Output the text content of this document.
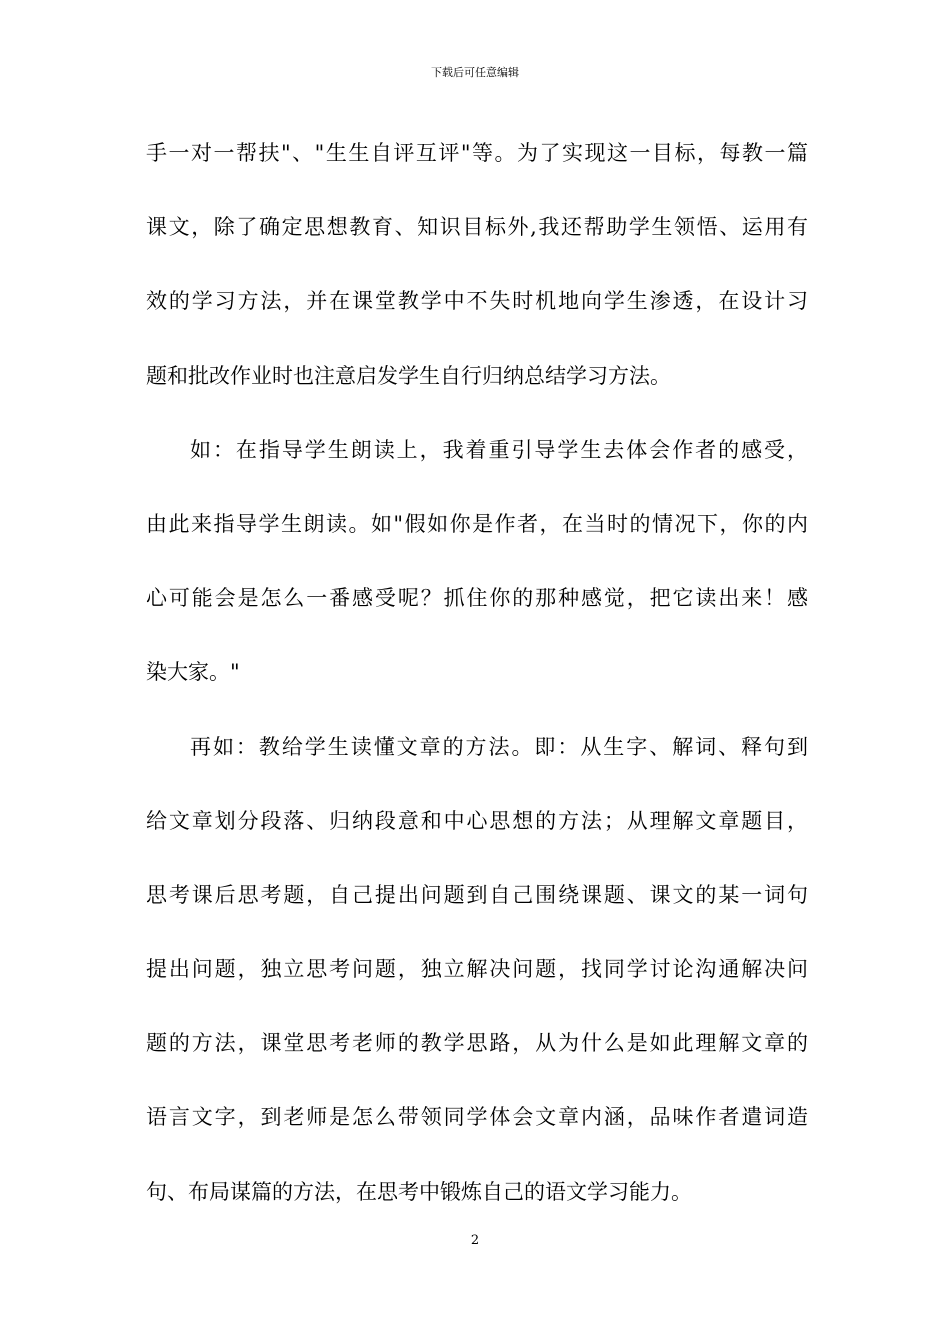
下载后可任意编辑
手一对一帮扶"、"生生自评互评"等。为了实现这一目标，每教一篇
课文，除了确定思想教育、知识目标外,我还帮助学生领悟、运用有
效的学习方法，并在课堂教学中不失时机地向学生渗透，在设计习
题和批改作业时也注意启发学生自行归纳总结学习方法。
如：在指导学生朗读上，我着重引导学生去体会作者的感受，
由此来指导学生朗读。如"假如你是作者，在当时的情况下，你的内
心可能会是怎么一番感受呢？抓住你的那种感觉，把它读出来！感
染大家。"
再如：教给学生读懂文章的方法。即：从生字、解词、释句到
给文章划分段落、归纳段意和中心思想的方法；从理解文章题目，
思考课后思考题，自己提出问题到自己围绕课题、课文的某一词句
提出问题，独立思考问题，独立解决问题，找同学讨论沟通解决问
题的方法，课堂思考老师的教学思路，从为什么是如此理解文章的
语言文字，到老师是怎么带领同学体会文章内涵，品味作者遣词造
句、布局谋篇的方法，在思考中锻炼自己的语文学习能力。
2
